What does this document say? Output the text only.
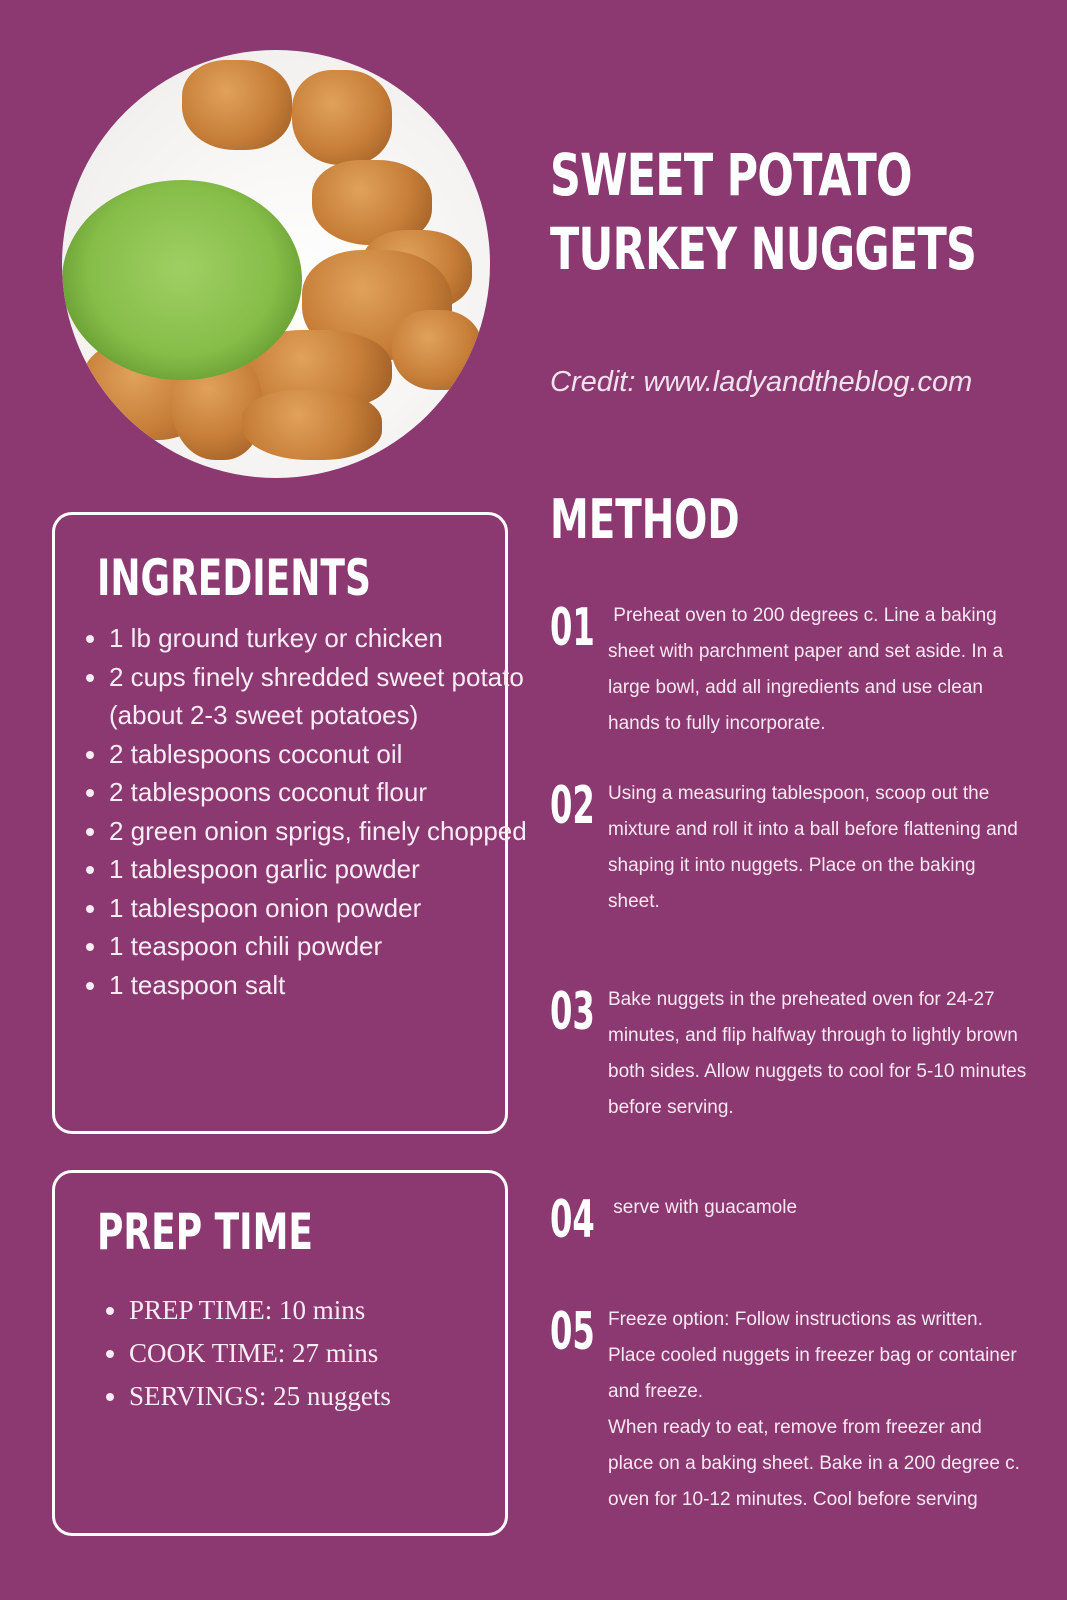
SWEET POTATO
TURKEY NUGGETS
Credit: www.ladyandtheblog.com
INGREDIENTS
• 1 lb ground turkey or chicken
• 2 cups finely shredded sweet potato (about 2-3 sweet potatoes)
• 2 tablespoons coconut oil
• 2 tablespoons coconut flour
• 2 green onion sprigs, finely chopped
• 1 tablespoon garlic powder
• 1 tablespoon onion powder
• 1 teaspoon chili powder
• 1 teaspoon salt
PREP TIME
• PREP TIME: 10 mins
• COOK TIME: 27 mins
• SERVINGS: 25 nuggets
METHOD
01 Preheat oven to 200 degrees c. Line a baking sheet with parchment paper and set aside. In a large bowl, add all ingredients and use clean hands to fully incorporate.
02 Using a measuring tablespoon, scoop out the mixture and roll it into a ball before flattening and shaping it into nuggets. Place on the baking sheet.
03 Bake nuggets in the preheated oven for 24-27 minutes, and flip halfway through to lightly brown both sides. Allow nuggets to cool for 5-10 minutes before serving.
04 serve with guacamole
05 Freeze option: Follow instructions as written. Place cooled nuggets in freezer bag or container and freeze.
When ready to eat, remove from freezer and place on a baking sheet. Bake in a 200 degree c. oven for 10-12 minutes. Cool before serving
